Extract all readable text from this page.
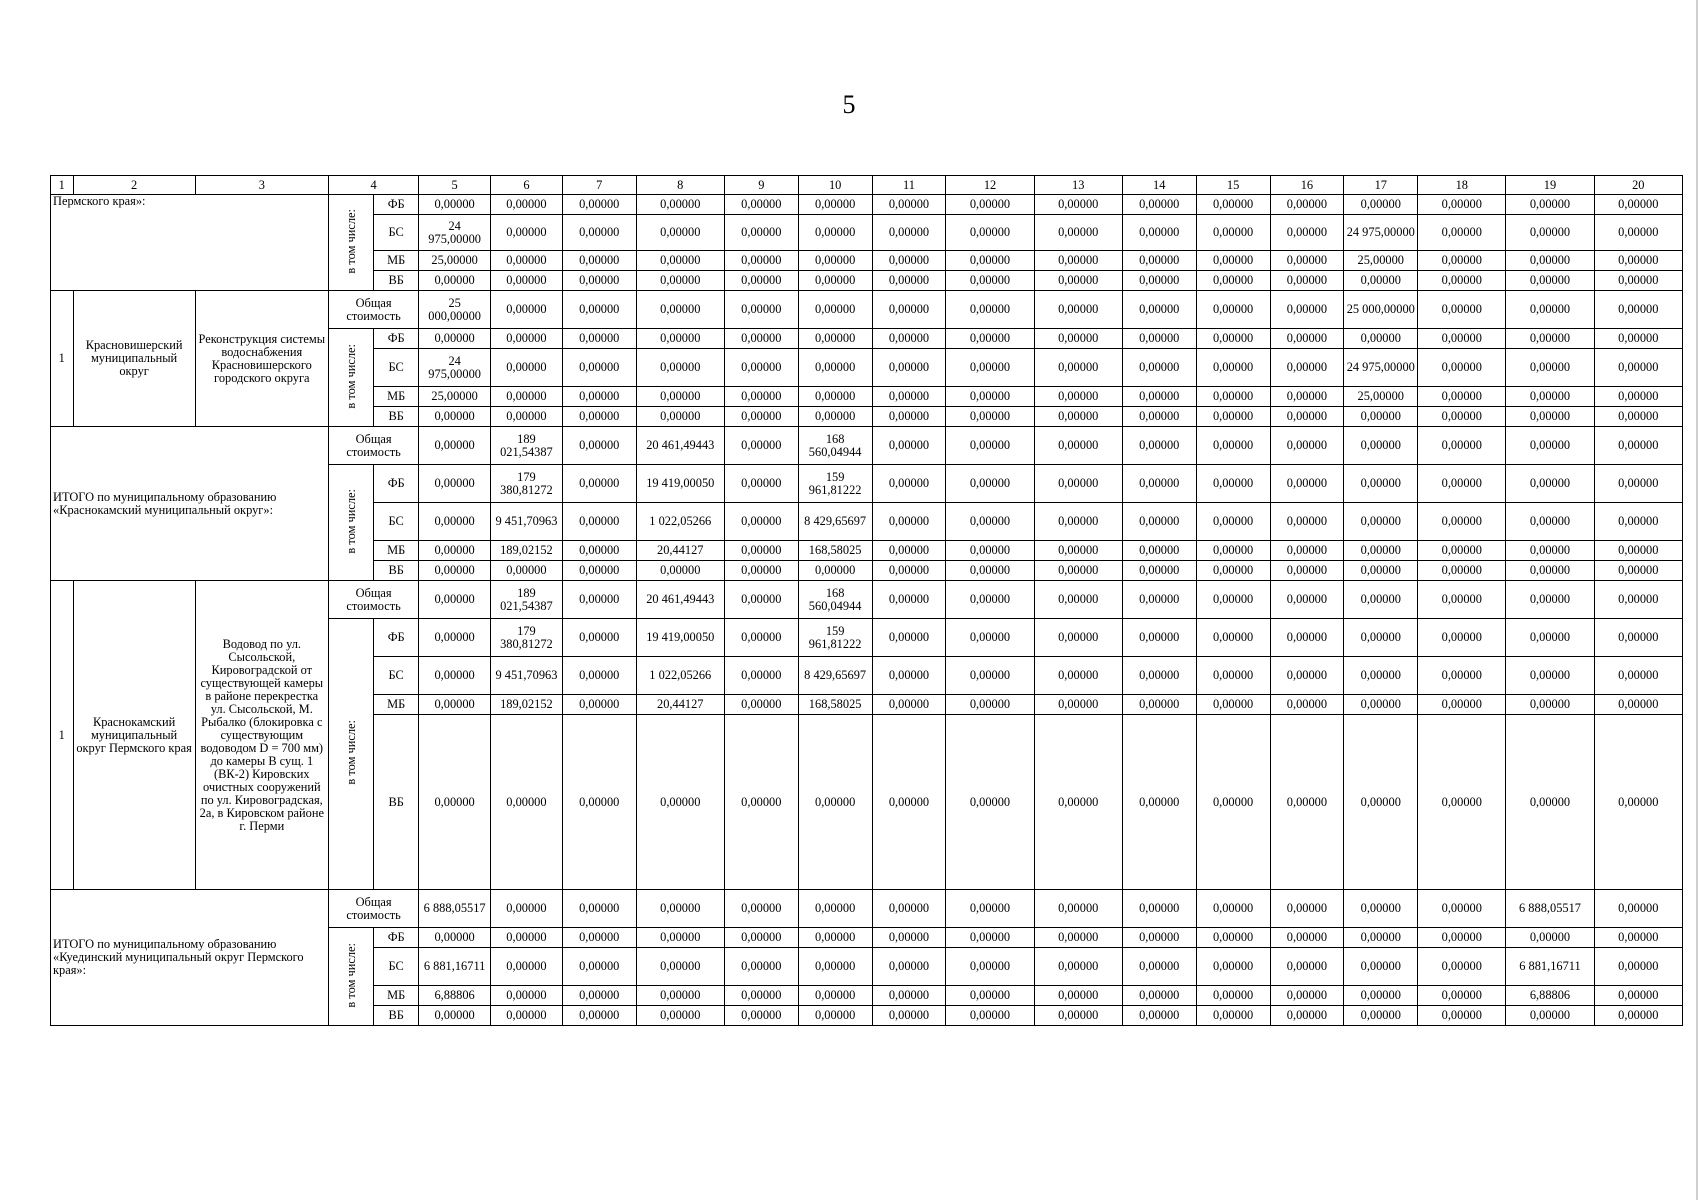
5
1	2	3	4		5	6	7	8	9	10	11	12	13	14	15	16	17	18	19	20
Пермского края»:			в том числе:	ФБ	0,00000	0,00000	0,00000	0,00000	0,00000	0,00000	0,00000	0,00000	0,00000	0,00000	0,00000	0,00000	0,00000	0,00000	0,00000	0,00000
				БС	24 975,00000	0,00000	0,00000	0,00000	0,00000	0,00000	0,00000	0,00000	0,00000	0,00000	0,00000	0,00000	24 975,00000	0,00000	0,00000	0,00000
				МБ	25,00000	0,00000	0,00000	0,00000	0,00000	0,00000	0,00000	0,00000	0,00000	0,00000	0,00000	0,00000	25,00000	0,00000	0,00000	0,00000
				ВБ	0,00000	0,00000	0,00000	0,00000	0,00000	0,00000	0,00000	0,00000	0,00000	0,00000	0,00000	0,00000	0,00000	0,00000	0,00000	0,00000
1	Красновишерский муниципальный округ	Реконструкция системы водоснабжения Красновишерского городского округа	Общая стоимость		25 000,00000	0,00000	0,00000	0,00000	0,00000	0,00000	0,00000	0,00000	0,00000	0,00000	0,00000	0,00000	25 000,00000	0,00000	0,00000	0,00000
			в том числе:	ФБ	0,00000	0,00000	0,00000	0,00000	0,00000	0,00000	0,00000	0,00000	0,00000	0,00000	0,00000	0,00000	0,00000	0,00000	0,00000	0,00000
				БС	24 975,00000	0,00000	0,00000	0,00000	0,00000	0,00000	0,00000	0,00000	0,00000	0,00000	0,00000	0,00000	24 975,00000	0,00000	0,00000	0,00000
				МБ	25,00000	0,00000	0,00000	0,00000	0,00000	0,00000	0,00000	0,00000	0,00000	0,00000	0,00000	0,00000	25,00000	0,00000	0,00000	0,00000
				ВБ	0,00000	0,00000	0,00000	0,00000	0,00000	0,00000	0,00000	0,00000	0,00000	0,00000	0,00000	0,00000	0,00000	0,00000	0,00000	0,00000
ИТОГО по муниципальному образованию «Краснокамский муниципальный округ»:			Общая стоимость		0,00000	189 021,54387	0,00000	20 461,49443	0,00000	168 560,04944	0,00000	0,00000	0,00000	0,00000	0,00000	0,00000	0,00000	0,00000	0,00000	0,00000
			в том числе:	ФБ	0,00000	179 380,81272	0,00000	19 419,00050	0,00000	159 961,81222	0,00000	0,00000	0,00000	0,00000	0,00000	0,00000	0,00000	0,00000	0,00000	0,00000
				БС	0,00000	9 451,70963	0,00000	1 022,05266	0,00000	8 429,65697	0,00000	0,00000	0,00000	0,00000	0,00000	0,00000	0,00000	0,00000	0,00000	0,00000
				МБ	0,00000	189,02152	0,00000	20,44127	0,00000	168,58025	0,00000	0,00000	0,00000	0,00000	0,00000	0,00000	0,00000	0,00000	0,00000	0,00000
				ВБ	0,00000	0,00000	0,00000	0,00000	0,00000	0,00000	0,00000	0,00000	0,00000	0,00000	0,00000	0,00000	0,00000	0,00000	0,00000	0,00000
1	Краснокамский муниципальный округ Пермского края	Водовод по ул. Сысольской, Кировоградской от существующей камеры в районе перекрестка ул. Сысольской, М. Рыбалко (блокировка с существующим водоводом D = 700 мм) до камеры В сущ. 1 (ВК-2) Кировских очистных сооружений по ул. Кировоградская, 2а, в Кировском районе г. Перми	Общая стоимость		0,00000	189 021,54387	0,00000	20 461,49443	0,00000	168 560,04944	0,00000	0,00000	0,00000	0,00000	0,00000	0,00000	0,00000	0,00000	0,00000	0,00000
			в том числе:	ФБ	0,00000	179 380,81272	0,00000	19 419,00050	0,00000	159 961,81222	0,00000	0,00000	0,00000	0,00000	0,00000	0,00000	0,00000	0,00000	0,00000	0,00000
				БС	0,00000	9 451,70963	0,00000	1 022,05266	0,00000	8 429,65697	0,00000	0,00000	0,00000	0,00000	0,00000	0,00000	0,00000	0,00000	0,00000	0,00000
				МБ	0,00000	189,02152	0,00000	20,44127	0,00000	168,58025	0,00000	0,00000	0,00000	0,00000	0,00000	0,00000	0,00000	0,00000	0,00000	0,00000
				ВБ	0,00000	0,00000	0,00000	0,00000	0,00000	0,00000	0,00000	0,00000	0,00000	0,00000	0,00000	0,00000	0,00000	0,00000	0,00000	0,00000
ИТОГО по муниципальному образованию «Куединский муниципальный округ Пермского края»:			Общая стоимость		6 888,05517	0,00000	0,00000	0,00000	0,00000	0,00000	0,00000	0,00000	0,00000	0,00000	0,00000	0,00000	0,00000	0,00000	6 888,05517	0,00000
			в том числе:	ФБ	0,00000	0,00000	0,00000	0,00000	0,00000	0,00000	0,00000	0,00000	0,00000	0,00000	0,00000	0,00000	0,00000	0,00000	0,00000	0,00000
				БС	6 881,16711	0,00000	0,00000	0,00000	0,00000	0,00000	0,00000	0,00000	0,00000	0,00000	0,00000	0,00000	0,00000	0,00000	6 881,16711	0,00000
				МБ	6,88806	0,00000	0,00000	0,00000	0,00000	0,00000	0,00000	0,00000	0,00000	0,00000	0,00000	0,00000	0,00000	0,00000	6,88806	0,00000
				ВБ	0,00000	0,00000	0,00000	0,00000	0,00000	0,00000	0,00000	0,00000	0,00000	0,00000	0,00000	0,00000	0,00000	0,00000	0,00000	0,00000
